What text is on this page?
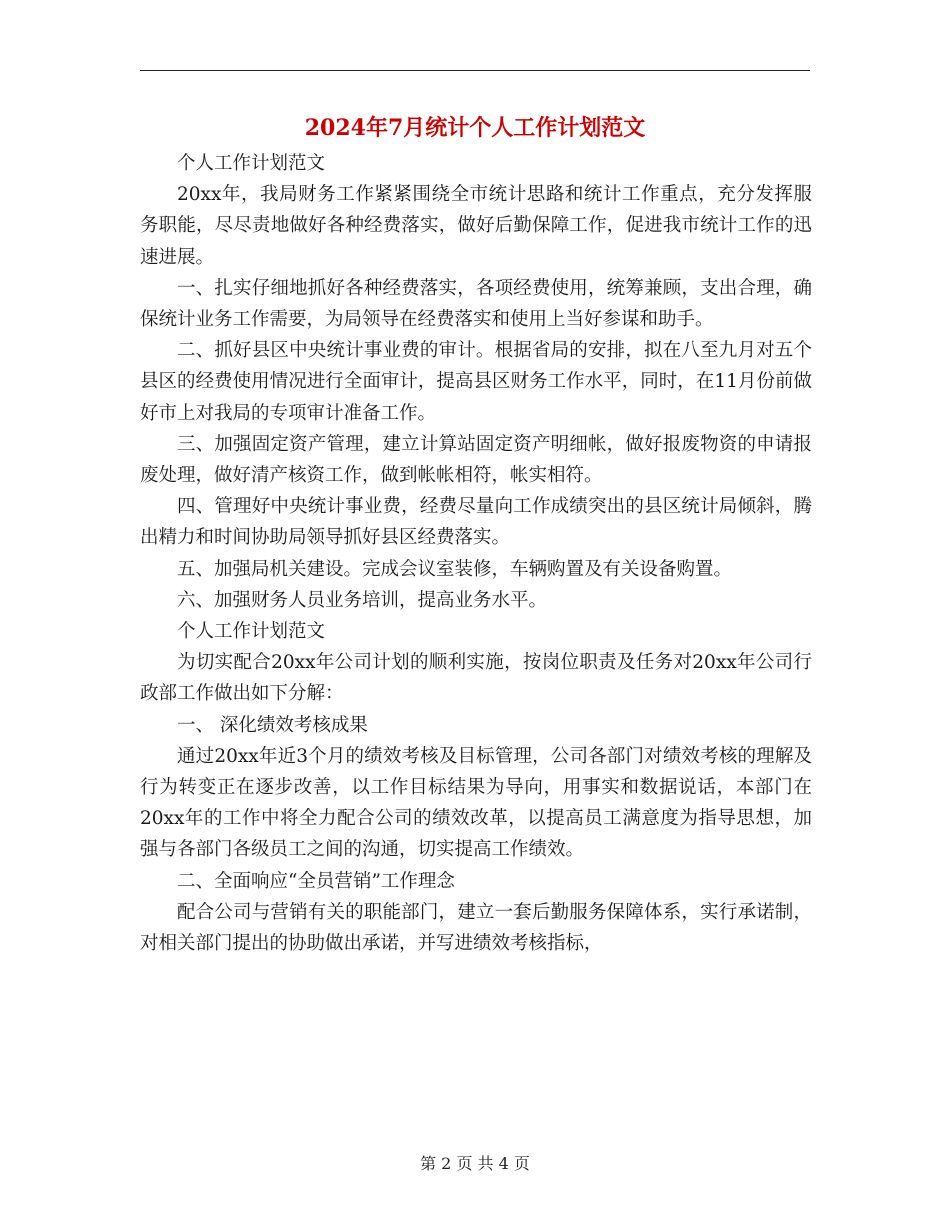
2024年7月统计个人工作计划范文

个人工作计划范文

20xx年，我局财务工作紧紧围绕全市统计思路和统计工作重点，充分发挥服务职能，尽尽责地做好各种经费落实，做好后勤保障工作，促进我市统计工作的迅速进展。

一、扎实仔细地抓好各种经费落实，各项经费使用，统筹兼顾，支出合理，确保统计业务工作需要，为局领导在经费落实和使用上当好参谋和助手。

二、抓好县区中央统计事业费的审计。根据省局的安排，拟在八至九月对五个县区的经费使用情况进行全面审计，提高县区财务工作水平，同时，在11月份前做好市上对我局的专项审计准备工作。

三、加强固定资产管理，建立计算站固定资产明细帐，做好报废物资的申请报废处理，做好清产核资工作，做到帐帐相符，帐实相符。

四、管理好中央统计事业费，经费尽量向工作成绩突出的县区统计局倾斜，腾出精力和时间协助局领导抓好县区经费落实。

五、加强局机关建设。完成会议室装修，车辆购置及有关设备购置。

六、加强财务人员业务培训，提高业务水平。

个人工作计划范文

为切实配合20xx年公司计划的顺利实施，按岗位职责及任务对20xx年公司行政部工作做出如下分解：

一、 深化绩效考核成果

通过20xx年近3个月的绩效考核及目标管理，公司各部门对绩效考核的理解及行为转变正在逐步改善，以工作目标结果为导向，用事实和数据说话，本部门在20xx年的工作中将全力配合公司的绩效改革，以提高员工满意度为指导思想，加强与各部门各级员工之间的沟通，切实提高工作绩效。

二、全面响应“全员营销”工作理念

配合公司与营销有关的职能部门，建立一套后勤服务保障体系，实行承诺制，对相关部门提出的协助做出承诺，并写进绩效考核指标，

第 2 页 共 4 页
